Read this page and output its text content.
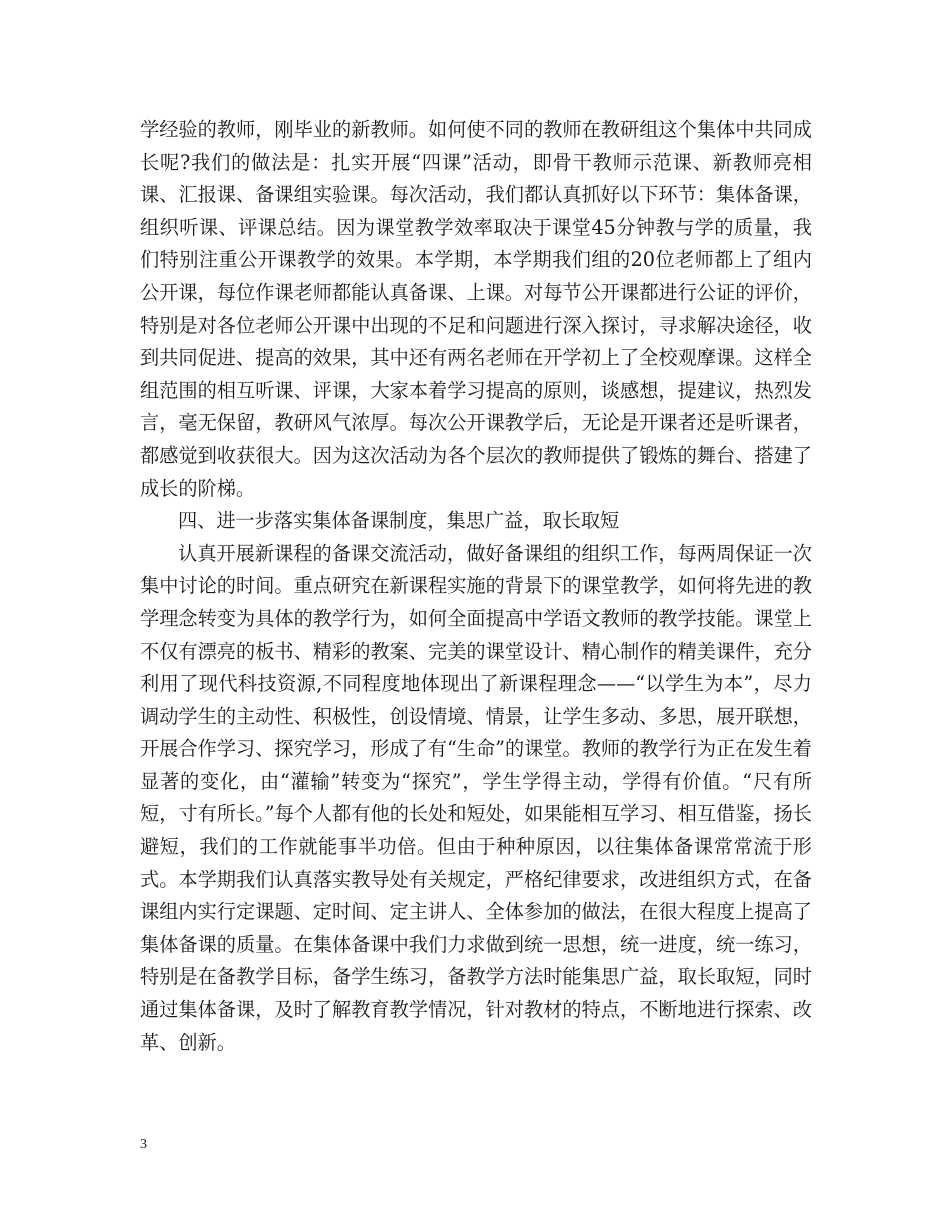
学经验的教师，刚毕业的新教师。如何使不同的教师在教研组这个集体中共同成长呢?我们的做法是：扎实开展“四课”活动，即骨干教师示范课、新教师亮相课、汇报课、备课组实验课。每次活动，我们都认真抓好以下环节：集体备课，组织听课、评课总结。因为课堂教学效率取决于课堂45分钟教与学的质量，我们特别注重公开课教学的效果。本学期，本学期我们组的20位老师都上了组内公开课，每位作课老师都能认真备课、上课。对每节公开课都进行公证的评价，特别是对各位老师公开课中出现的不足和问题进行深入探讨，寻求解决途径，收到共同促进、提高的效果，其中还有两名老师在开学初上了全校观摩课。这样全组范围的相互听课、评课，大家本着学习提高的原则，谈感想，提建议，热烈发言，毫无保留，教研风气浓厚。每次公开课教学后，无论是开课者还是听课者，都感觉到收获很大。因为这次活动为各个层次的教师提供了锻炼的舞台、搭建了成长的阶梯。

四、进一步落实集体备课制度，集思广益，取长取短

认真开展新课程的备课交流活动，做好备课组的组织工作，每两周保证一次集中讨论的时间。重点研究在新课程实施的背景下的课堂教学，如何将先进的教学理念转变为具体的教学行为，如何全面提高中学语文教师的教学技能。课堂上不仅有漂亮的板书、精彩的教案、完美的课堂设计、精心制作的精美课件，充分利用了现代科技资源,不同程度地体现出了新课程理念——“以学生为本”，尽力调动学生的主动性、积极性，创设情境、情景，让学生多动、多思，展开联想，开展合作学习、探究学习，形成了有“生命”的课堂。教师的教学行为正在发生着显著的变化，由“灌输”转变为“探究”，学生学得主动，学得有价值。“尺有所短，寸有所长。”每个人都有他的长处和短处，如果能相互学习、相互借鉴，扬长避短，我们的工作就能事半功倍。但由于种种原因，以往集体备课常常流于形式。本学期我们认真落实教导处有关规定，严格纪律要求，改进组织方式，在备课组内实行定课题、定时间、定主讲人、全体参加的做法，在很大程度上提高了集体备课的质量。在集体备课中我们力求做到统一思想，统一进度，统一练习，特别是在备教学目标，备学生练习，备教学方法时能集思广益，取长取短，同时通过集体备课，及时了解教育教学情况，针对教材的特点，不断地进行探索、改革、创新。

3
